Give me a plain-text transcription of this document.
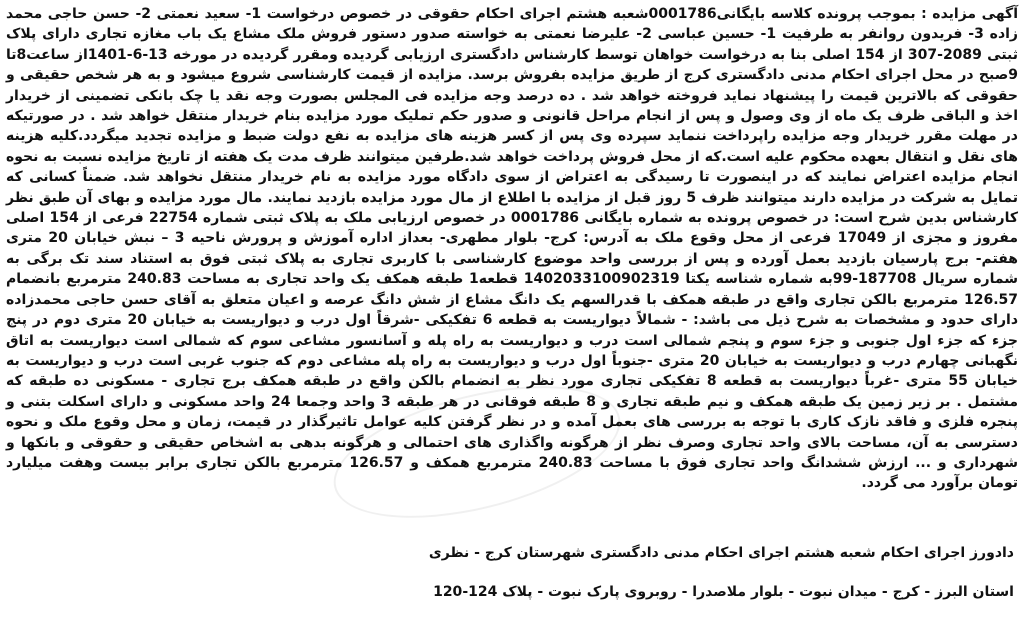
آگهی مزایده : بموجب پرونده کلاسه بایگانی0001786شعبه هشتم اجرای احکام حقوقی در خصوص درخواست 1- سعید نعمتی 2- حسن حاجی محمد زاده 3- فریدون روانفر به طرفیت 1- حسین عباسی 2- علیرضا نعمتی به خواسته صدور دستور فروش ملک مشاع یک باب مغازه تجاری دارای پلاک ثبتی 2089-307 از 154 اصلی بنا به درخواست خواهان توسط کارشناس دادگستری ارزیابی گردیده ومقرر گردیده در مورخه 13-6-1401از ساعت8تا 9صبح در محل اجرای احکام مدنی دادگستری کرج از طریق مزایده بفروش برسد. مزایده از قیمت کارشناسی شروع میشود و به هر شخص حقیقی و حقوقی که بالاترین قیمت را پیشنهاد نماید فروخته خواهد شد . ده درصد وجه مزایده فی المجلس بصورت وجه نقد یا چک بانکی تضمینی از خریدار اخذ و الباقی ظرف یک ماه از وی وصول و پس از انجام مراحل قانونی و صدور حکم تملیک مورد مزایده بنام خریدار منتقل خواهد شد . در صورتیکه در مهلت مقرر خریدار وجه مزایده راپرداخت ننماید سپرده وی پس از کسر هزینه های مزایده به نفع دولت ضبط و مزایده تجدید میگردد.کلیه هزینه های نقل و انتقال بعهده محکوم علیه است.که از محل فروش پرداخت خواهد شد.طرفین میتوانند ظرف مدت یک هفته از تاریخ مزایده نسبت به نحوه انجام مزایده اعتراض نمایند که در اینصورت تا رسیدگی به اعتراض از سوی دادگاه مورد مزایده به نام خریدار منتقل نخواهد شد. ضمناً کسانی که تمایل به شرکت در مزایده دارند میتوانند ظرف 5 روز قبل از مزایده با اطلاع از مال مورد مزایده بازدید نمایند. مال مورد مزایده و بهای آن طبق نظر کارشناس بدین شرح است: در خصوص پرونده به شماره بایگانی 0001786 در خصوص ارزیابی ملک به پلاک ثبتی شماره 22754 فرعی از 154 اصلی مفروز و مجزی از 17049 فرعی از محل وقوع ملک به آدرس: کرج- بلوار مطهری- بعداز اداره آموزش و پرورش ناحیه 3 – نبش خیابان 20 متری هفتم- برج پارسیان بازدید بعمل آورده و پس از بررسی واحد موضوع کارشناسی با کاربری تجاری به پلاک ثبتی فوق به استناد سند تک برگی به شماره سریال 187708-99به شماره شناسه یکتا 1402033100902319 قطعه1 طبقه همکف یک واحد تجاری به مساحت 240.83 مترمربع بانضمام 126.57 مترمربع بالکن تجاری واقع در طبقه همکف با قدرالسهم یک دانگ مشاع از شش دانگ عرصه و اعیان متعلق به آقای حسن حاجی محمدزاده دارای حدود و مشخصات به شرح ذیل می باشد: - شمالاً دیواریست به قطعه 6 تفکیکی -شرقاً اول درب و دیواریست به خیابان 20 متری دوم در پنج جزء که جزء اول جنوبی و جزء سوم و پنجم شمالی است درب و دیواریست به راه پله و آسانسور مشاعی سوم که شمالی است دیواریست به اتاق نگهبانی چهارم درب و دیواریست به خیابان 20 متری -جنوباً اول درب و دیواریست به راه پله مشاعی دوم که جنوب غربی است درب و دیواریست به خیابان 55 متری -غرباً دیواریست به قطعه 8 تفکیکی تجاری مورد نظر به انضمام بالکن واقع در طبقه همکف برج تجاری - مسکونی ده طبقه که مشتمل . بر زیر زمین یک طبقه همکف و نیم طبقه تجاری و 8 طبقه فوقانی در هر طبقه 3 واحد وجمعا 24 واحد مسکونی و دارای اسکلت بتنی و پنجره فلزی و فاقد نازک کاری با توجه به بررسی های بعمل آمده و در نظر گرفتن کلیه عوامل تاثیرگذار در قیمت، زمان و محل وقوع ملک و نحوه دسترسی به آن، مساحت بالای واحد تجاری وصرف نظر از هرگونه واگذاری های احتمالی و هرگونه بدهی به اشخاص حقیقی و حقوقی و بانکها و شهرداری و ... ارزش ششدانگ واحد تجاری فوق با مساحت 240.83 مترمربع همکف و 126.57 مترمربع بالکن تجاری برابر بیست وهفت میلیارد تومان برآورد می گردد.

دادورز اجرای احکام شعبه هشتم اجرای احکام مدنی دادگستری شهرستان کرج - نظری

استان البرز - کرج - میدان نبوت - بلوار ملاصدرا - روبروی پارک نبوت - پلاک 124-120
